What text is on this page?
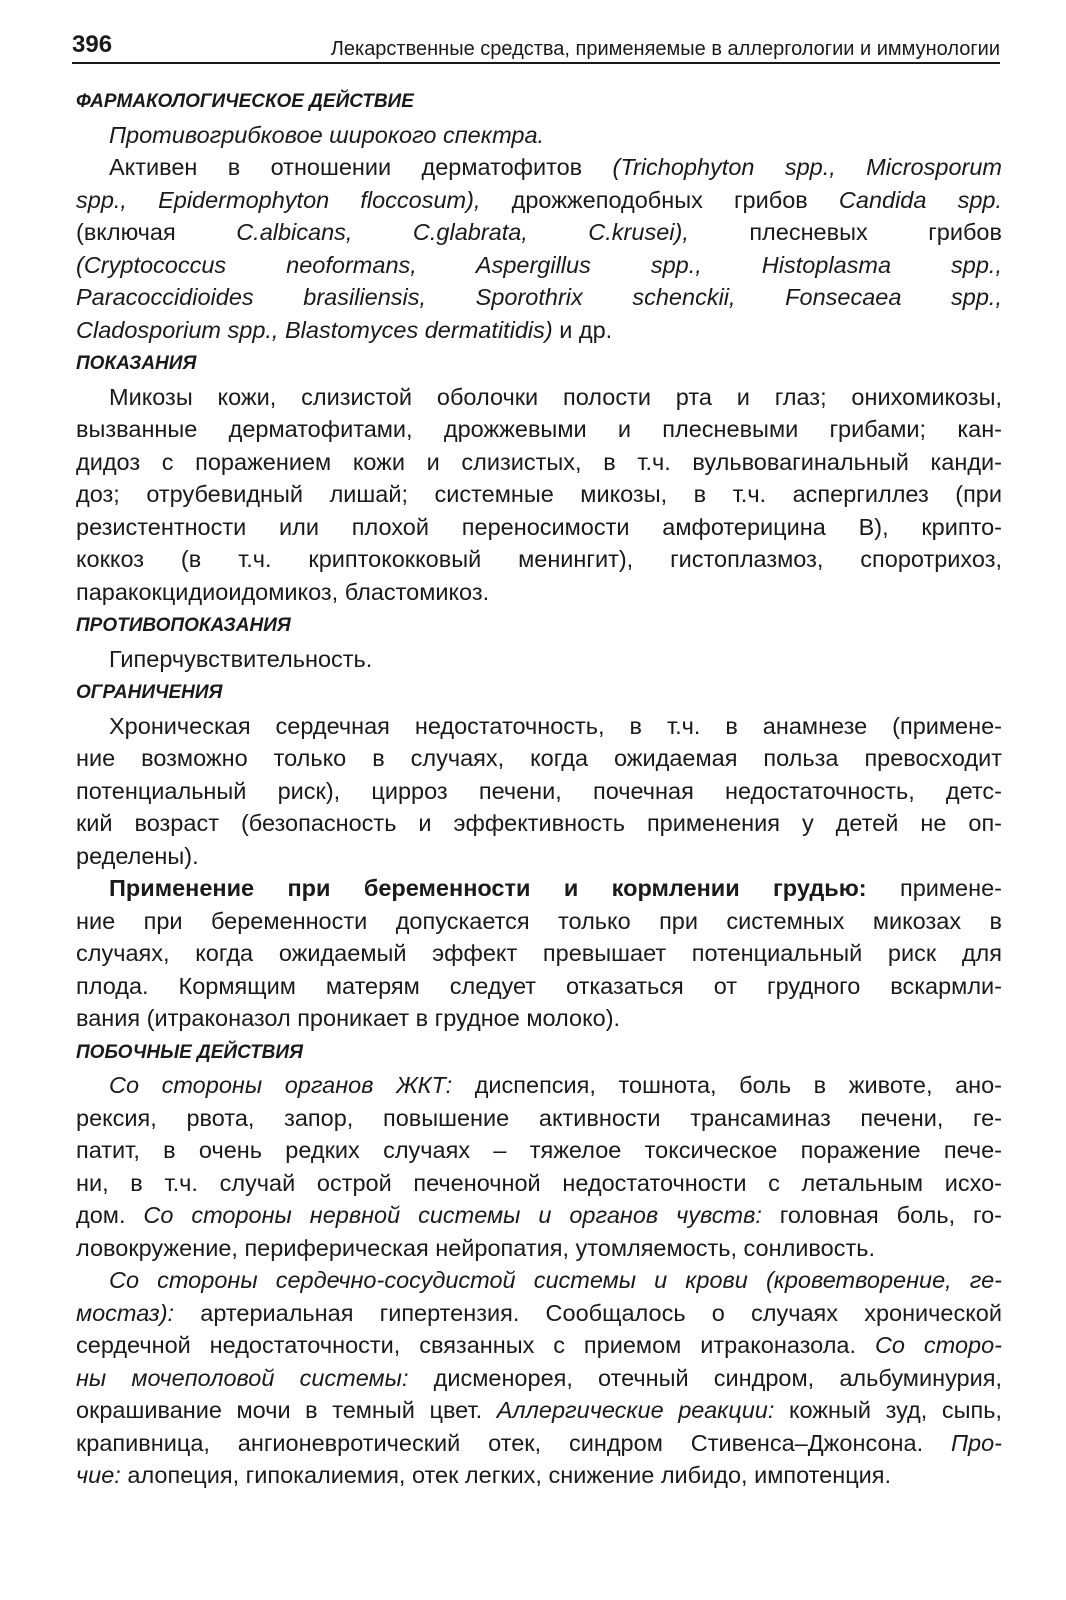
396	Лекарственные средства, применяемые в аллергологии и иммунологии
ФАРМАКОЛОГИЧЕСКОЕ ДЕЙСТВИЕ
Противогрибковое широкого спектра.
Активен в отношении дерматофитов (Trichophyton spp., Microsporum
spp., Epidermophyton floccosum), дрожжеподобных грибов Candida spp.
(включая C.albicans, C.glabrata, C.krusei), плесневых грибов
(Cryptococcus neoformans, Aspergillus spp., Histoplasma spp.,
Paracoccidioides brasiliensis, Sporothrix schenckii, Fonsecaea spp.,
Cladosporium spp., Blastomyces dermatitidis) и др.
ПОКАЗАНИЯ
Микозы кожи, слизистой оболочки полости рта и глаз; онихомикозы,
вызванные дерматофитами, дрожжевыми и плесневыми грибами; кан-
дидоз с поражением кожи и слизистых, в т.ч. вульвовагинальный канди-
доз; отрубевидный лишай; системные микозы, в т.ч. аспергиллез (при
резистентности или плохой переносимости амфотерицина В), крипто-
коккоз (в т.ч. криптококковый менингит), гистоплазмоз, споротрихоз,
паракокцидиоидомикоз, бластомикоз.
ПРОТИВОПОКАЗАНИЯ
Гиперчувствительность.
ОГРАНИЧЕНИЯ
Хроническая сердечная недостаточность, в т.ч. в анамнезе (примене-
ние возможно только в случаях, когда ожидаемая польза превосходит
потенциальный риск), цирроз печени, почечная недостаточность, детс-
кий возраст (безопасность и эффективность применения у детей не оп-
ределены).
Применение при беременности и кормлении грудью: примене-
ние при беременности допускается только при системных микозах в
случаях, когда ожидаемый эффект превышает потенциальный риск для
плода. Кормящим матерям следует отказаться от грудного вскармли-
вания (итраконазол проникает в грудное молоко).
ПОБОЧНЫЕ ДЕЙСТВИЯ
Со стороны органов ЖКТ: диспепсия, тошнота, боль в животе, ано-
рексия, рвота, запор, повышение активности трансаминаз печени, ге-
патит, в очень редких случаях – тяжелое токсическое поражение пече-
ни, в т.ч. случай острой печеночной недостаточности с летальным исхо-
дом. Со стороны нервной системы и органов чувств: головная боль, го-
ловокружение, периферическая нейропатия, утомляемость, сонливость.
Со стороны сердечно-сосудистой системы и крови (кроветворение, ге-
мостаз): артериальная гипертензия. Сообщалось о случаях хронической
сердечной недостаточности, связанных с приемом итраконазола. Со сторо-
ны мочеполовой системы: дисменорея, отечный синдром, альбуминурия,
окрашивание мочи в темный цвет. Аллергические реакции: кожный зуд, сыпь,
крапивница, ангионевротический отек, синдром Стивенса–Джонсона. Про-
чие: алопеция, гипокалиемия, отек легких, снижение либидо, импотенция.
